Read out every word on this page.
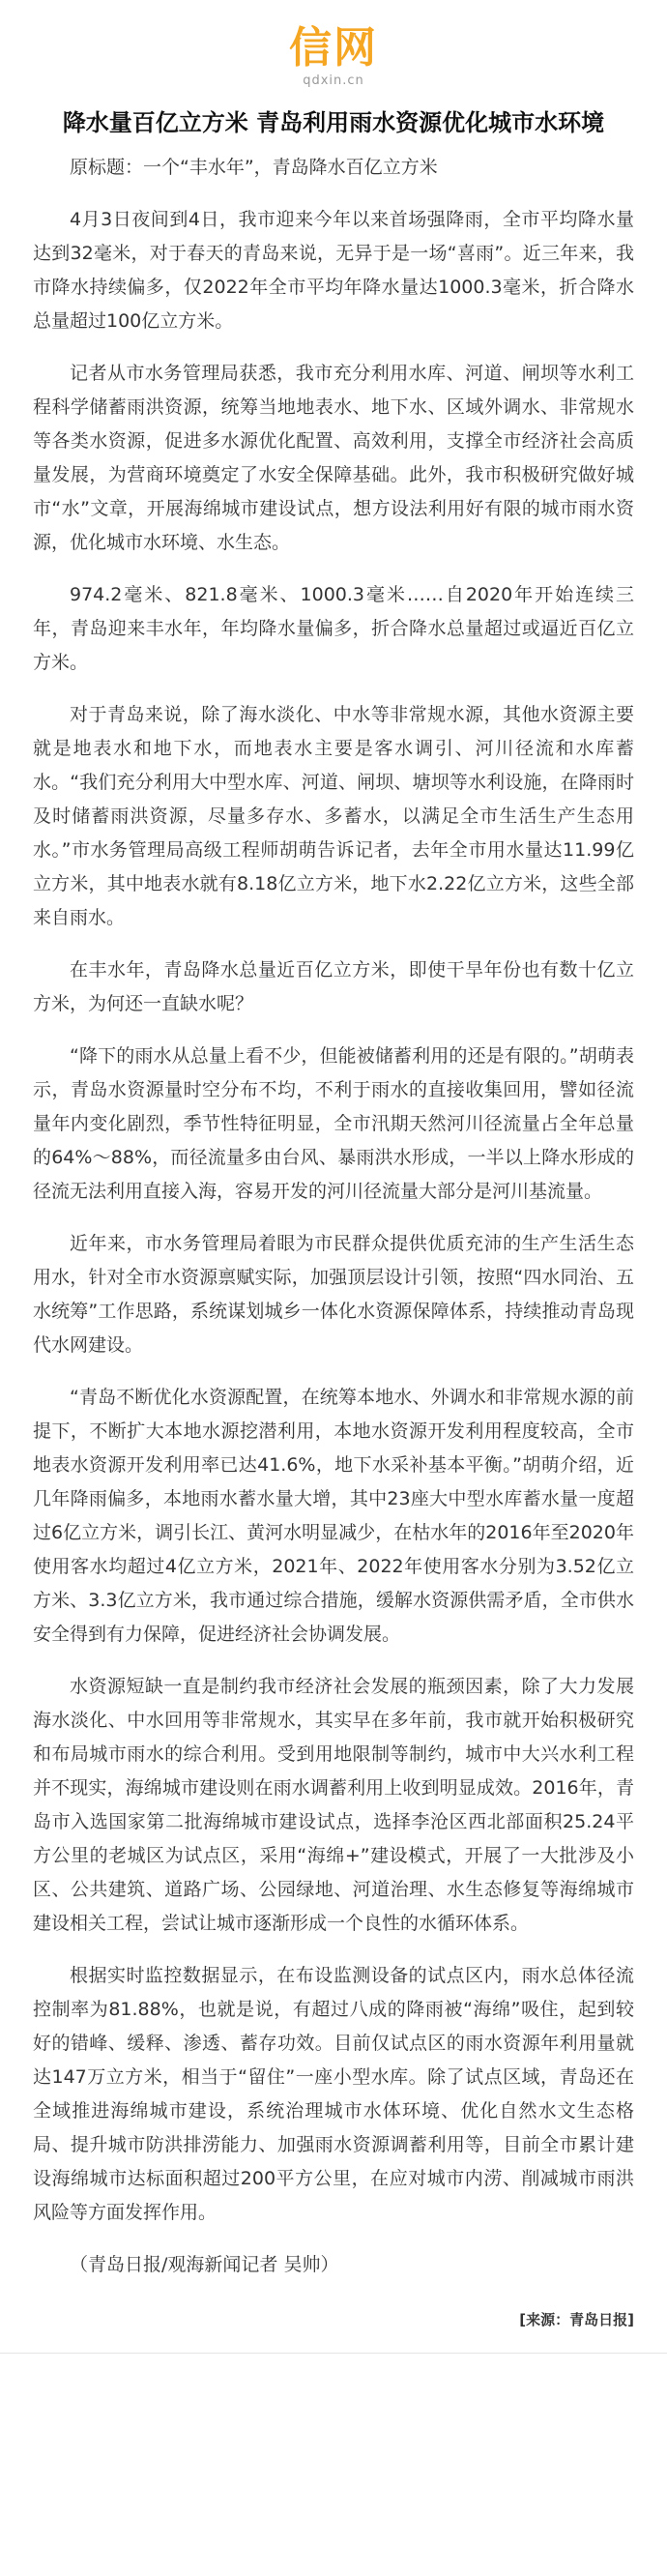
信网
qdxin.cn
降水量百亿立方米 青岛利用雨水资源优化城市水环境

原标题：一个“丰水年”，青岛降水百亿立方米

4月3日夜间到4日，我市迎来今年以来首场强降雨，全市平均降水量达到32毫米，对于春天的青岛来说，无异于是一场“喜雨”。近三年来，我市降水持续偏多，仅2022年全市平均年降水量达1000.3毫米，折合降水总量超过100亿立方米。

记者从市水务管理局获悉，我市充分利用水库、河道、闸坝等水利工程科学储蓄雨洪资源，统筹当地地表水、地下水、区域外调水、非常规水等各类水资源，促进多水源优化配置、高效利用，支撑全市经济社会高质量发展，为营商环境奠定了水安全保障基础。此外，我市积极研究做好城市“水”文章，开展海绵城市建设试点，想方设法利用好有限的城市雨水资源，优化城市水环境、水生态。

974.2毫米、821.8毫米、1000.3毫米……自2020年开始连续三年，青岛迎来丰水年，年均降水量偏多，折合降水总量超过或逼近百亿立方米。

对于青岛来说，除了海水淡化、中水等非常规水源，其他水资源主要就是地表水和地下水，而地表水主要是客水调引、河川径流和水库蓄水。“我们充分利用大中型水库、河道、闸坝、塘坝等水利设施，在降雨时及时储蓄雨洪资源，尽量多存水、多蓄水，以满足全市生活生产生态用水。”市水务管理局高级工程师胡萌告诉记者，去年全市用水量达11.99亿立方米，其中地表水就有8.18亿立方米，地下水2.22亿立方米，这些全部来自雨水。

在丰水年，青岛降水总量近百亿立方米，即使干旱年份也有数十亿立方米，为何还一直缺水呢？

“降下的雨水从总量上看不少，但能被储蓄利用的还是有限的。”胡萌表示，青岛水资源量时空分布不均，不利于雨水的直接收集回用，譬如径流量年内变化剧烈，季节性特征明显，全市汛期天然河川径流量占全年总量的64%～88%，而径流量多由台风、暴雨洪水形成，一半以上降水形成的径流无法利用直接入海，容易开发的河川径流量大部分是河川基流量。

近年来，市水务管理局着眼为市民群众提供优质充沛的生产生活生态用水，针对全市水资源禀赋实际，加强顶层设计引领，按照“四水同治、五水统筹”工作思路，系统谋划城乡一体化水资源保障体系，持续推动青岛现代水网建设。

“青岛不断优化水资源配置，在统筹本地水、外调水和非常规水源的前提下，不断扩大本地水源挖潜利用，本地水资源开发利用程度较高，全市地表水资源开发利用率已达41.6%，地下水采补基本平衡。”胡萌介绍，近几年降雨偏多，本地雨水蓄水量大增，其中23座大中型水库蓄水量一度超过6亿立方米，调引长江、黄河水明显减少，在枯水年的2016年至2020年使用客水均超过4亿立方米，2021年、2022年使用客水分别为3.52亿立方米、3.3亿立方米，我市通过综合措施，缓解水资源供需矛盾，全市供水安全得到有力保障，促进经济社会协调发展。

水资源短缺一直是制约我市经济社会发展的瓶颈因素，除了大力发展海水淡化、中水回用等非常规水，其实早在多年前，我市就开始积极研究和布局城市雨水的综合利用。受到用地限制等制约，城市中大兴水利工程并不现实，海绵城市建设则在雨水调蓄利用上收到明显成效。2016年，青岛市入选国家第二批海绵城市建设试点，选择李沧区西北部面积25.24平方公里的老城区为试点区，采用“海绵+”建设模式，开展了一大批涉及小区、公共建筑、道路广场、公园绿地、河道治理、水生态修复等海绵城市建设相关工程，尝试让城市逐渐形成一个良性的水循环体系。

根据实时监控数据显示，在布设监测设备的试点区内，雨水总体径流控制率为81.88%，也就是说，有超过八成的降雨被“海绵”吸住，起到较好的错峰、缓释、渗透、蓄存功效。目前仅试点区的雨水资源年利用量就达147万立方米，相当于“留住”一座小型水库。除了试点区域，青岛还在全域推进海绵城市建设，系统治理城市水体环境、优化自然水文生态格局、提升城市防洪排涝能力、加强雨水资源调蓄利用等，目前全市累计建设海绵城市达标面积超过200平方公里，在应对城市内涝、削减城市雨洪风险等方面发挥作用。

（青岛日报/观海新闻记者 吴帅）

[来源：青岛日报]
